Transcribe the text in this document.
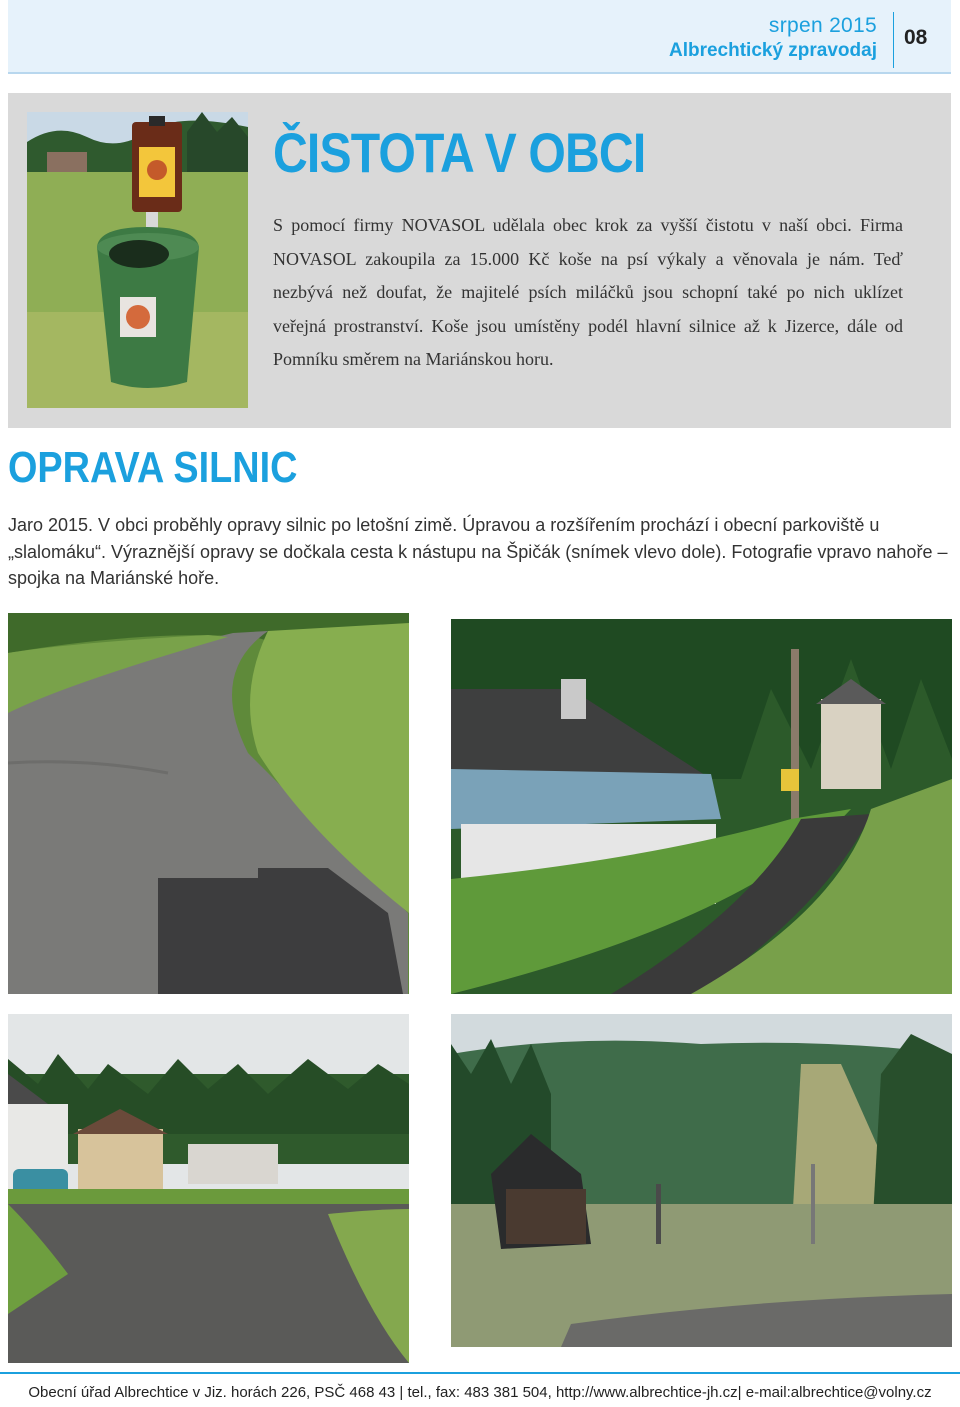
srpen 2015
Albrechtický zpravodaj
08
ČISTOTA V OBCI
S pomocí firmy NOVASOL udělala obec krok za vyšší čistotu v naší obci. Firma NOVASOL zakoupila za 15.000 Kč koše na psí výkaly a věnovala je nám. Teď nezbývá než doufat, že majitelé psích miláčků jsou schopní také po nich uklízet veřejná prostranství. Koše jsou umístěny podél hlavní silnice až k Jizerce, dále od Pomníku směrem na Mariánskou horu.
OPRAVA SILNIC
Jaro 2015. V obci proběhly opravy silnic po letošní zimě. Úpravou a rozšířením prochází i obecní parkoviště u „slalomáku“. Výraznější opravy se dočkala cesta k nástupu na Špičák (snímek vlevo dole). Fotografie vpravo nahoře – spojka na Mariánské hoře.
Obecní úřad Albrechtice v Jiz. horách 226, PSČ 468 43 | tel., fax: 483 381 504, http://www.albrechtice-jh.cz| e-mail:albrechtice@volny.cz
